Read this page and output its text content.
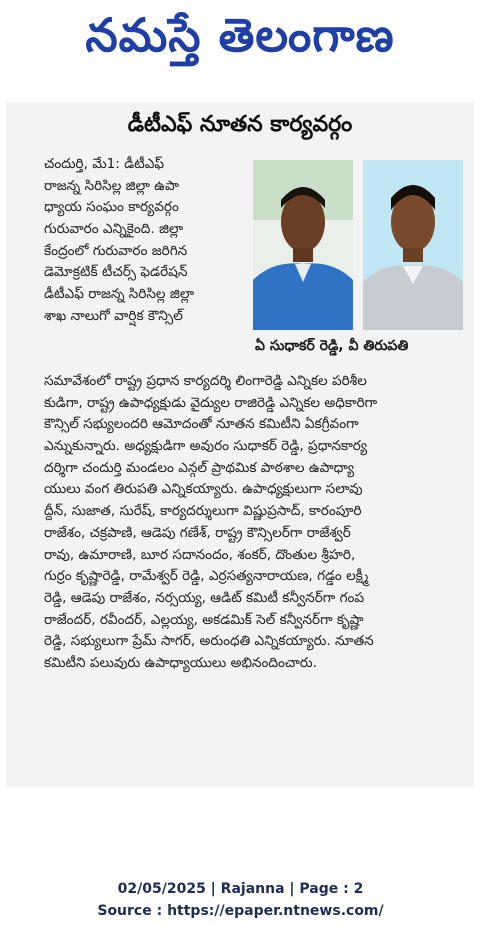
నమస్తే తెలంగాణ
డీటీఎఫ్ నూతన కార్యవర్గం
చందుర్తి, మే1: డీటీఎఫ్
రాజన్న సిరిసిల్ల జిల్లా ఉపా
ధ్యాయ సంఘం కార్యవర్గం
గురువారం ఎన్నికైంది. జిల్లా
కేంద్రంలో గురువారం జరిగిన
డెమోక్రటిక్ టీచర్స్ ఫెడరేషన్
డీటీఎఫ్ రాజన్న సిరిసిల్ల జిల్లా
శాఖ నాలుగో వార్షిక కౌన్సిల్
ఏ సుధాకర్ రెడ్డి, వీ తిరుపతి
సమావేశంలో రాష్ట్ర ప్రధాన కార్యదర్శి లింగారెడ్డి ఎన్నికల పరిశీల
కుడిగా, రాష్ట్ర ఉపాధ్యక్షుడు వైద్యుల రాజిరెడ్డి ఎన్నికల అధికారిగా
కౌన్సిల్ సభ్యులందరి ఆమోదంతో నూతన కమిటీని ఏకగ్రీవంగా
ఎన్నుకున్నారు. అధ్యక్షుడిగా అవురం సుధాకర్ రెడ్డి, ప్రధానకార్య
దర్శిగా చందుర్తి మండలం ఎన్గల్ ప్రాథమిక పాఠశాల ఉపాధ్యా
యులు వంగ తిరుపతి ఎన్నికయ్యారు. ఉపాధ్యక్షులుగా సలావు
ద్దీన్, సుజాత, సురేష్, కార్యదర్శులుగా విష్ణుప్రసాద్, కారంపూరి
రాజేశం, చక్రపాణి, ఆడెపు గణేశ్, రాష్ట్ర కౌన్సిలర్‌గా రాజేశ్వర్
రావు, ఉమారాణి, బూర సదానందం, శంకర్, దొంతుల శ్రీహరి,
గుర్రం కృష్ణారెడ్డి, రామేశ్వర్ రెడ్డి, ఎర్రసత్యనారాయణ, గడ్డం లక్ష్మీ
రెడ్డి, ఆడెపు రాజేశం, నర్సయ్య, ఆడిట్ కమిటీ కన్వీనర్‌గా గంప
రాజేందర్, రవీందర్, ఎల్లయ్య, అకడమిక్ సెల్ కన్వీనర్‌గా కృష్ణా
రెడ్డి, సభ్యులుగా ప్రేమ్ సాగర్, అరుంధతి ఎన్నికయ్యారు. నూతన
కమిటీని పలువురు ఉపాధ్యాయులు అభినందించారు.
02/05/2025 | Rajanna | Page : 2
Source : https://epaper.ntnews.com/
